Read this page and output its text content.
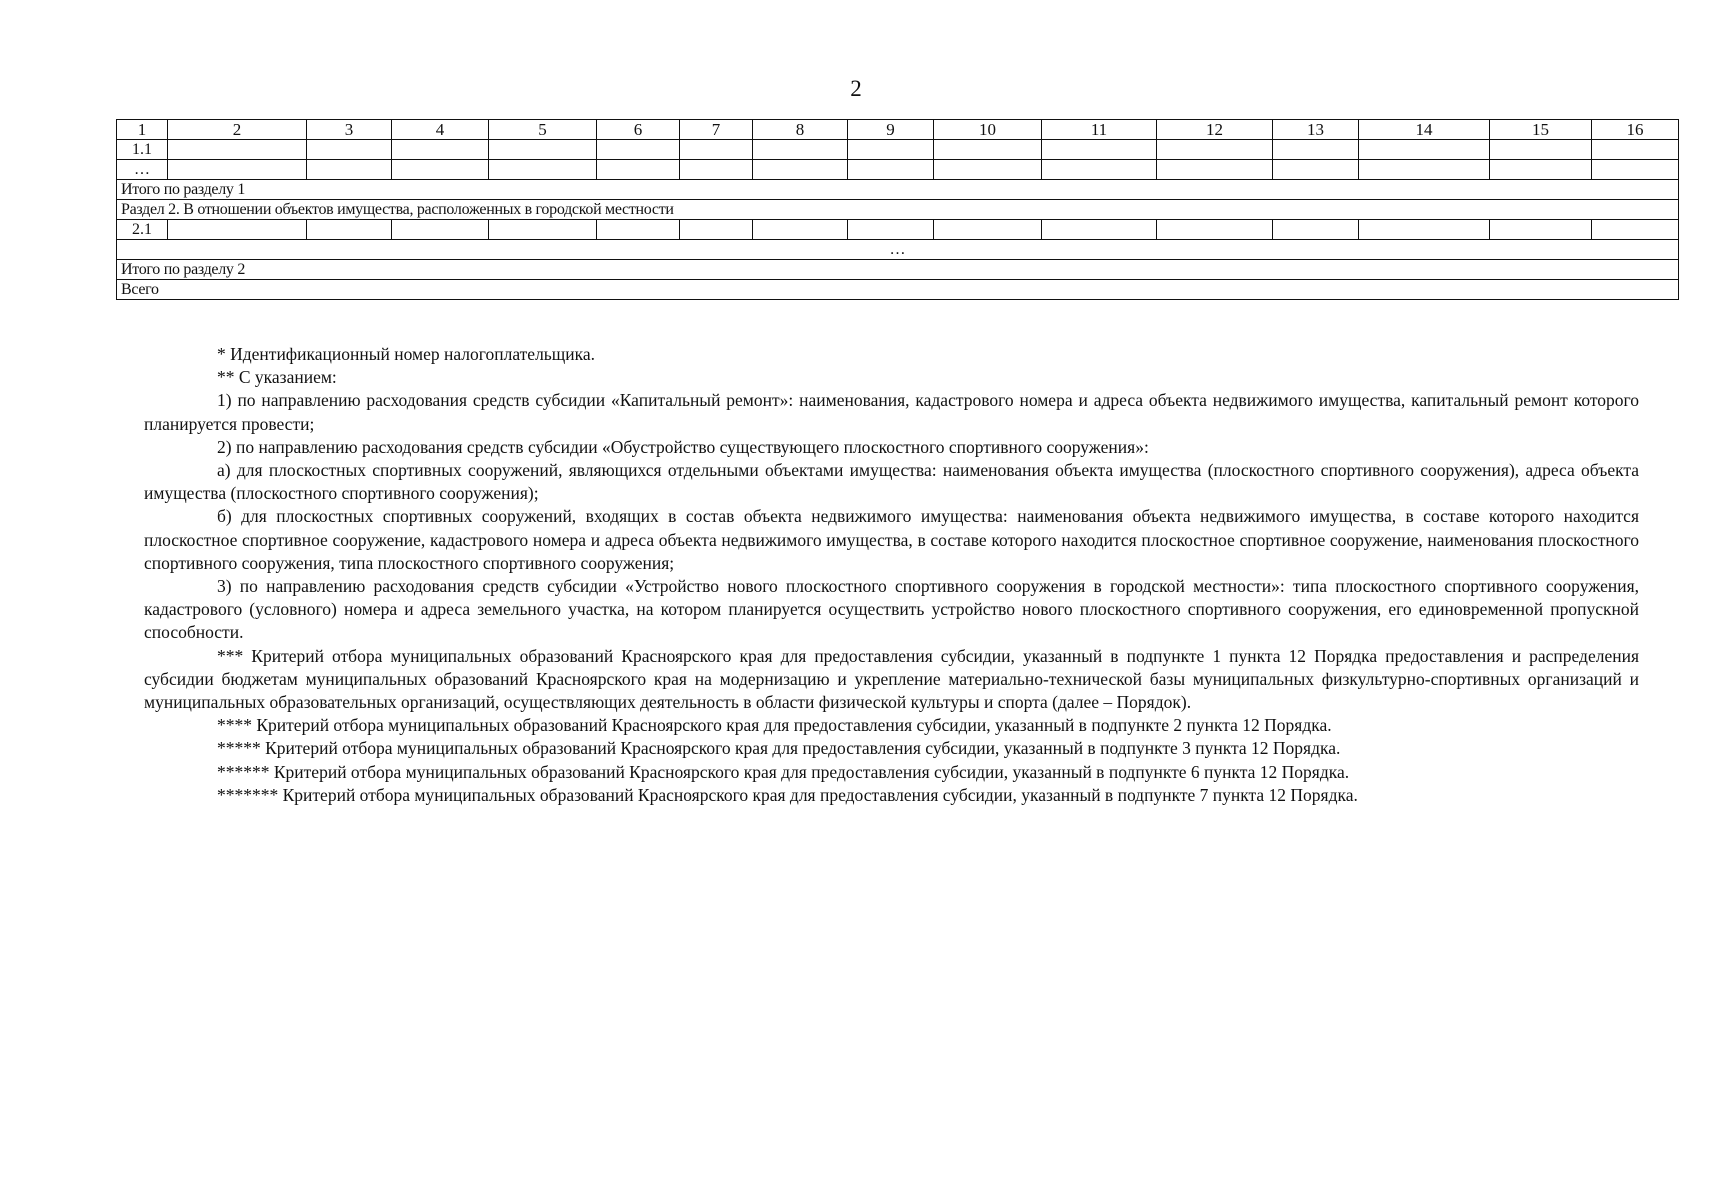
2
1	2	3	4	5	6	7	8	9	10	11	12	13	14	15	16
1.1															
…															
Итого по разделу 1															
Раздел 2. В отношении объектов имущества, расположенных в городской местности															
2.1															
…															
Итого по разделу 2															
Всего															

* Идентификационный номер налогоплательщика.

** С указанием:

1) по направлению расходования средств субсидии «Капитальный ремонт»: наименования, кадастрового номера и адреса объекта недвижимого имущества, капитальный ремонт которого планируется провести;

2) по направлению расходования средств субсидии «Обустройство существующего плоскостного спортивного сооружения»:

а) для плоскостных спортивных сооружений, являющихся отдельными объектами имущества: наименования объекта имущества (плоскостного спортивного сооружения), адреса объекта имущества (плоскостного спортивного сооружения);

б) для плоскостных спортивных сооружений, входящих в состав объекта недвижимого имущества: наименования объекта недвижимого имущества, в составе которого находится плоскостное спортивное сооружение, кадастрового номера и адреса объекта недвижимого имущества, в составе которого находится плоскостное спортивное сооружение, наименования плоскостного спортивного сооружения, типа плоскостного спортивного сооружения;

3) по направлению расходования средств субсидии «Устройство нового плоскостного спортивного сооружения в городской местности»: типа плоскостного спортивного сооружения, кадастрового (условного) номера и адреса земельного участка, на котором планируется осуществить устройство нового плоскостного спортивного сооружения, его единовременной пропускной способности.

*** Критерий отбора муниципальных образований Красноярского края для предоставления субсидии, указанный в подпункте 1 пункта 12 Порядка предоставления и распределения субсидии бюджетам муниципальных образований Красноярского края на модернизацию и укрепление материально-технической базы муниципальных физкультурно-спортивных организаций и муниципальных образовательных организаций, осуществляющих деятельность в области физической культуры и спорта (далее – Порядок).

**** Критерий отбора муниципальных образований Красноярского края для предоставления субсидии, указанный в подпункте 2 пункта 12 Порядка.

***** Критерий отбора муниципальных образований Красноярского края для предоставления субсидии, указанный в подпункте 3 пункта 12 Порядка.

****** Критерий отбора муниципальных образований Красноярского края для предоставления субсидии, указанный в подпункте 6 пункта 12 Порядка.

******* Критерий отбора муниципальных образований Красноярского края для предоставления субсидии, указанный в подпункте 7 пункта 12 Порядка.
